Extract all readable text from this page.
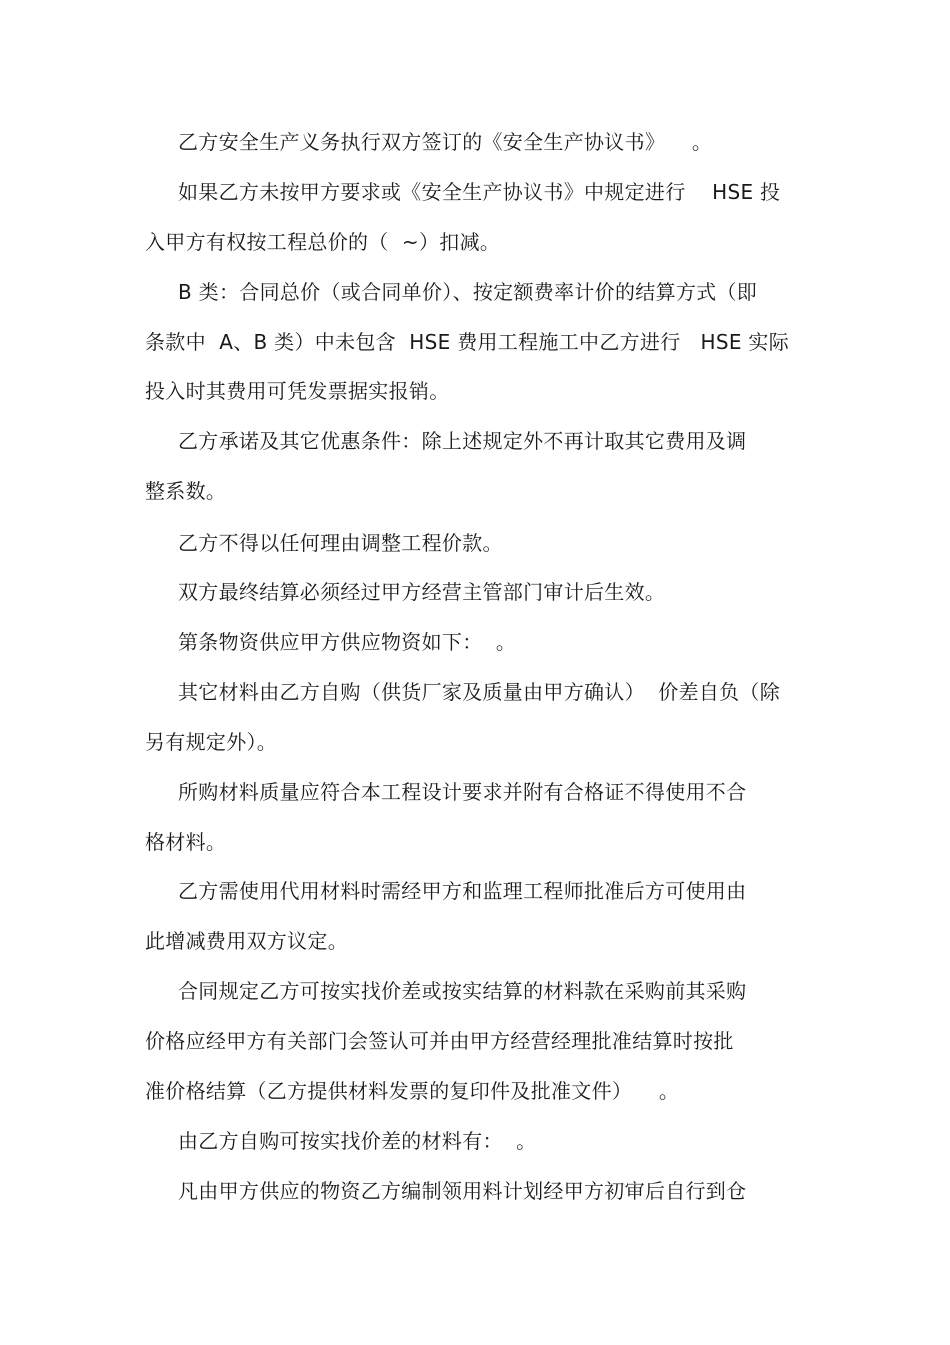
乙方安全生产义务执行双方签订的《安全生产协议书》    。
如果乙方未按甲方要求或《安全生产协议书》中规定进行    HSE 投
入甲方有权按工程总价的（  ~）扣减。
B 类：合同总价（或合同单价）、按定额费率计价的结算方式（即
条款中  A、B 类）中未包含  HSE 费用工程施工中乙方进行   HSE 实际
投入时其费用可凭发票据实报销。
乙方承诺及其它优惠条件：除上述规定外不再计取其它费用及调
整系数。
乙方不得以任何理由调整工程价款。
双方最终结算必须经过甲方经营主管部门审计后生效。
第条物资供应甲方供应物资如下：  。
其它材料由乙方自购（供货厂家及质量由甲方确认）  价差自负（除
另有规定外）。
所购材料质量应符合本工程设计要求并附有合格证不得使用不合
格材料。
乙方需使用代用材料时需经甲方和监理工程师批准后方可使用由
此增减费用双方议定。
合同规定乙方可按实找价差或按实结算的材料款在采购前其采购
价格应经甲方有关部门会签认可并由甲方经营经理批准结算时按批
准价格结算（乙方提供材料发票的复印件及批准文件）    。
由乙方自购可按实找价差的材料有：  。
凡由甲方供应的物资乙方编制领用料计划经甲方初审后自行到仓
